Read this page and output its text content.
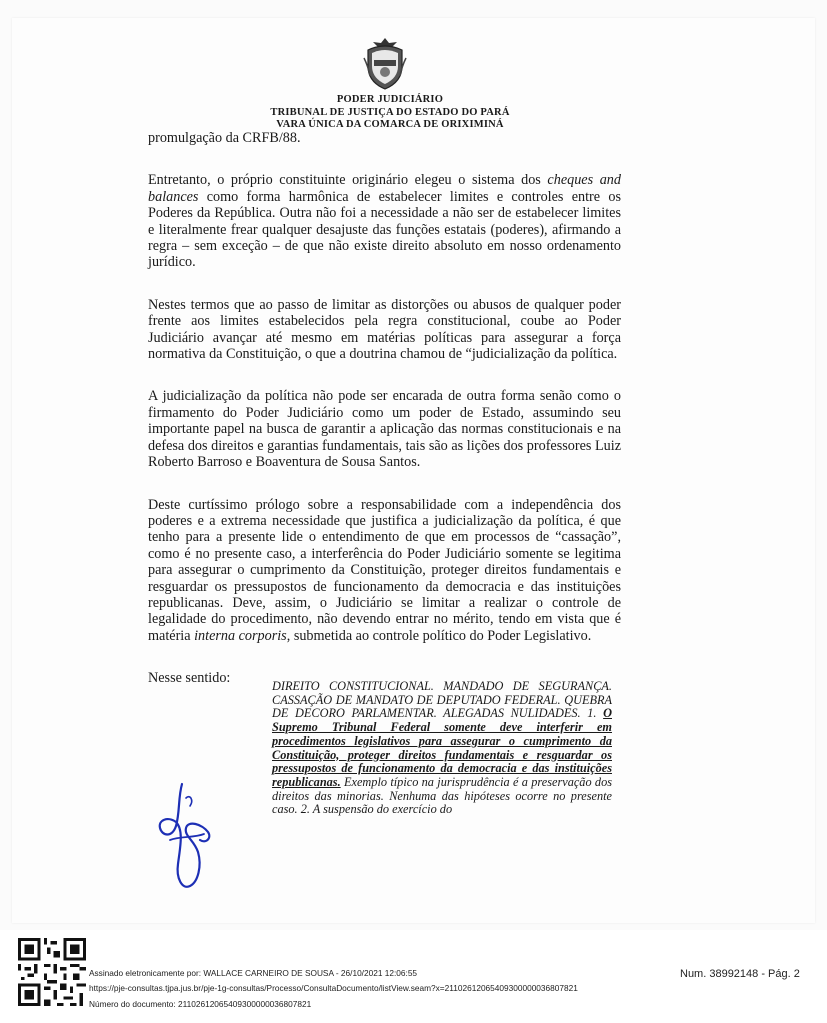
PODER JUDICIÁRIO
TRIBUNAL DE JUSTIÇA DO ESTADO DO PARÁ
VARA ÚNICA DA COMARCA DE ORIXIMINÁ

promulgação da CRFB/88.

Entretanto, o próprio constituinte originário elegeu o sistema dos cheques and balances como forma harmônica de estabelecer limites e controles entre os Poderes da República. Outra não foi a necessidade a não ser de estabelecer limites e literalmente frear qualquer desajuste das funções estatais (poderes), afirmando a regra – sem exceção – de que não existe direito absoluto em nosso ordenamento jurídico.

Nestes termos que ao passo de limitar as distorções ou abusos de qualquer poder frente aos limites estabelecidos pela regra constitucional, coube ao Poder Judiciário avançar até mesmo em matérias políticas para assegurar a força normativa da Constituição, o que a doutrina chamou de “judicialização da política.

A judicialização da política não pode ser encarada de outra forma senão como o firmamento do Poder Judiciário como um poder de Estado, assumindo seu importante papel na busca de garantir a aplicação das normas constitucionais e na defesa dos direitos e garantias fundamentais, tais são as lições dos professores Luiz Roberto Barroso e Boaventura de Sousa Santos.

Deste curtíssimo prólogo sobre a responsabilidade com a independência dos poderes e a extrema necessidade que justifica a judicialização da política, é que tenho para a presente lide o entendimento de que em processos de “cassação”, como é no presente caso, a interferência do Poder Judiciário somente se legitima para assegurar o cumprimento da Constituição, proteger direitos fundamentais e resguardar os pressupostos de funcionamento da democracia e das instituições republicanas. Deve, assim, o Judiciário se limitar a realizar o controle de legalidade do procedimento, não devendo entrar no mérito, tendo em vista que é matéria interna corporis, submetida ao controle político do Poder Legislativo.

Nesse sentido:	DIREITO CONSTITUCIONAL. MANDADO DE SEGURANÇA. CASSAÇÃO DE MANDATO DE DEPUTADO FEDERAL. QUEBRA DE DECORO PARLAMENTAR. ALEGADAS NULIDADES. 1. O Supremo Tribunal Federal somente deve interferir em procedimentos legislativos para assegurar o cumprimento da Constituição, proteger direitos fundamentais e resguardar os pressupostos de funcionamento da democracia e das instituições republicanas. Exemplo típico na jurisprudência é a preservação dos direitos das minorias. Nenhuma das hipóteses ocorre no presente caso. 2. A suspensão do exercício do
Assinado eletronicamente por: WALLACE CARNEIRO DE SOUSA - 26/10/2021 12:06:55
https://pje-consultas.tjpa.jus.br/pje-1g-consultas/Processo/ConsultaDocumento/listView.seam?x=21102612065409300000036807821
Número do documento: 21102612065409300000036807821
Num. 38992148 - Pág. 2
